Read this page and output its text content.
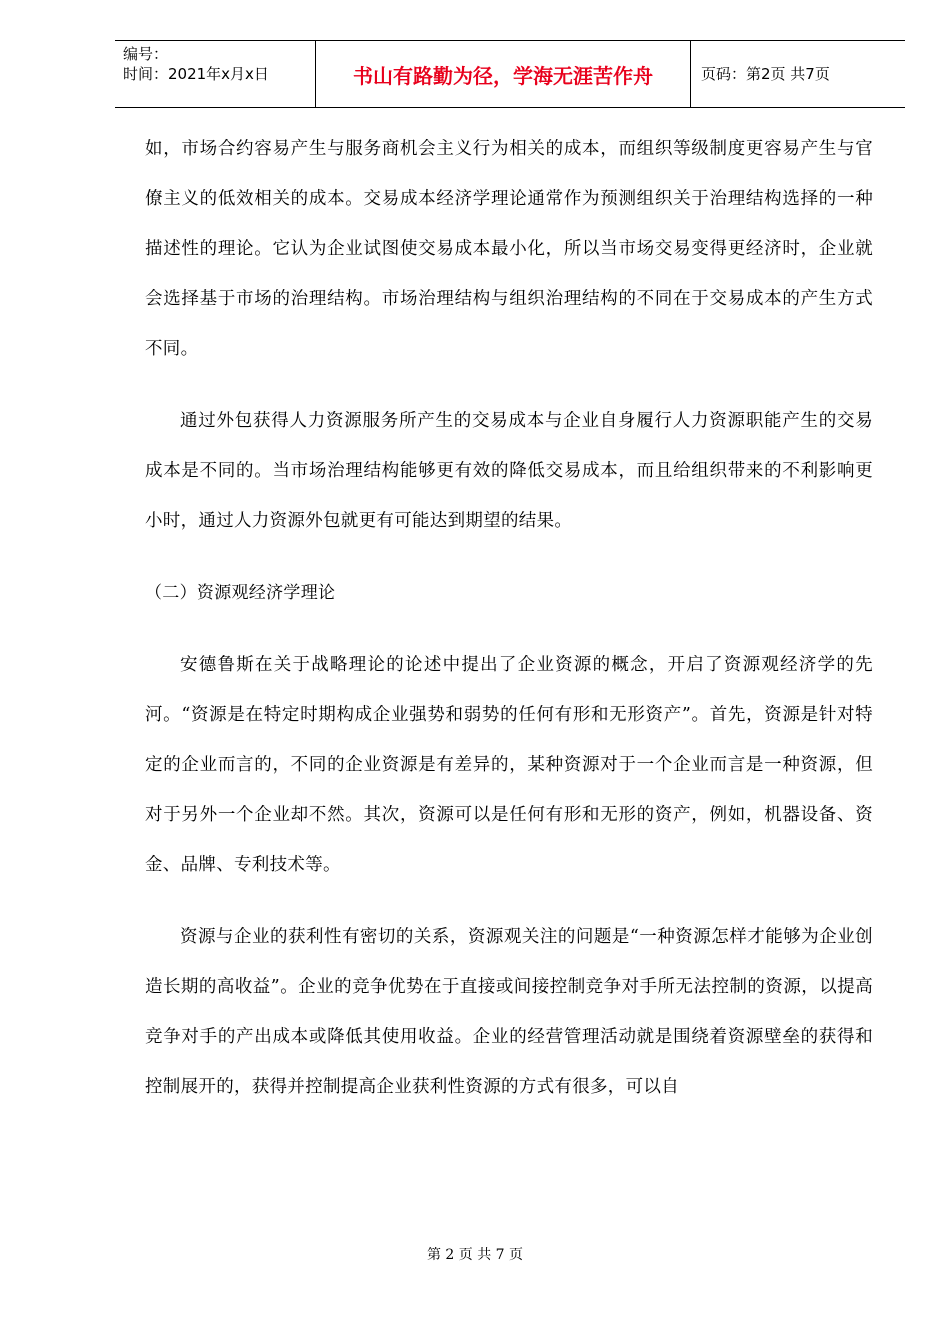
编号：
时间：2021年x月x日	书山有路勤为径，学海无涯苦作舟	页码：第2页 共7页

如，市场合约容易产生与服务商机会主义行为相关的成本，而组织等级制度更容易产生与官僚主义的低效相关的成本。交易成本经济学理论通常作为预测组织关于治理结构选择的一种描述性的理论。它认为企业试图使交易成本最小化，所以当市场交易变得更经济时，企业就会选择基于市场的治理结构。市场治理结构与组织治理结构的不同在于交易成本的产生方式不同。

通过外包获得人力资源服务所产生的交易成本与企业自身履行人力资源职能产生的交易成本是不同的。当市场治理结构能够更有效的降低交易成本，而且给组织带来的不利影响更小时，通过人力资源外包就更有可能达到期望的结果。

（二）资源观经济学理论

安德鲁斯在关于战略理论的论述中提出了企业资源的概念，开启了资源观经济学的先河。“资源是在特定时期构成企业强势和弱势的任何有形和无形资产”。首先，资源是针对特定的企业而言的，不同的企业资源是有差异的，某种资源对于一个企业而言是一种资源，但对于另外一个企业却不然。其次，资源可以是任何有形和无形的资产，例如，机器设备、资金、品牌、专利技术等。

资源与企业的获利性有密切的关系，资源观关注的问题是“一种资源怎样才能够为企业创造长期的高收益”。企业的竞争优势在于直接或间接控制竞争对手所无法控制的资源，以提高竞争对手的产出成本或降低其使用收益。企业的经营管理活动就是围绕着资源壁垒的获得和控制展开的，获得并控制提高企业获利性资源的方式有很多，可以自

第 2 页 共 7 页
